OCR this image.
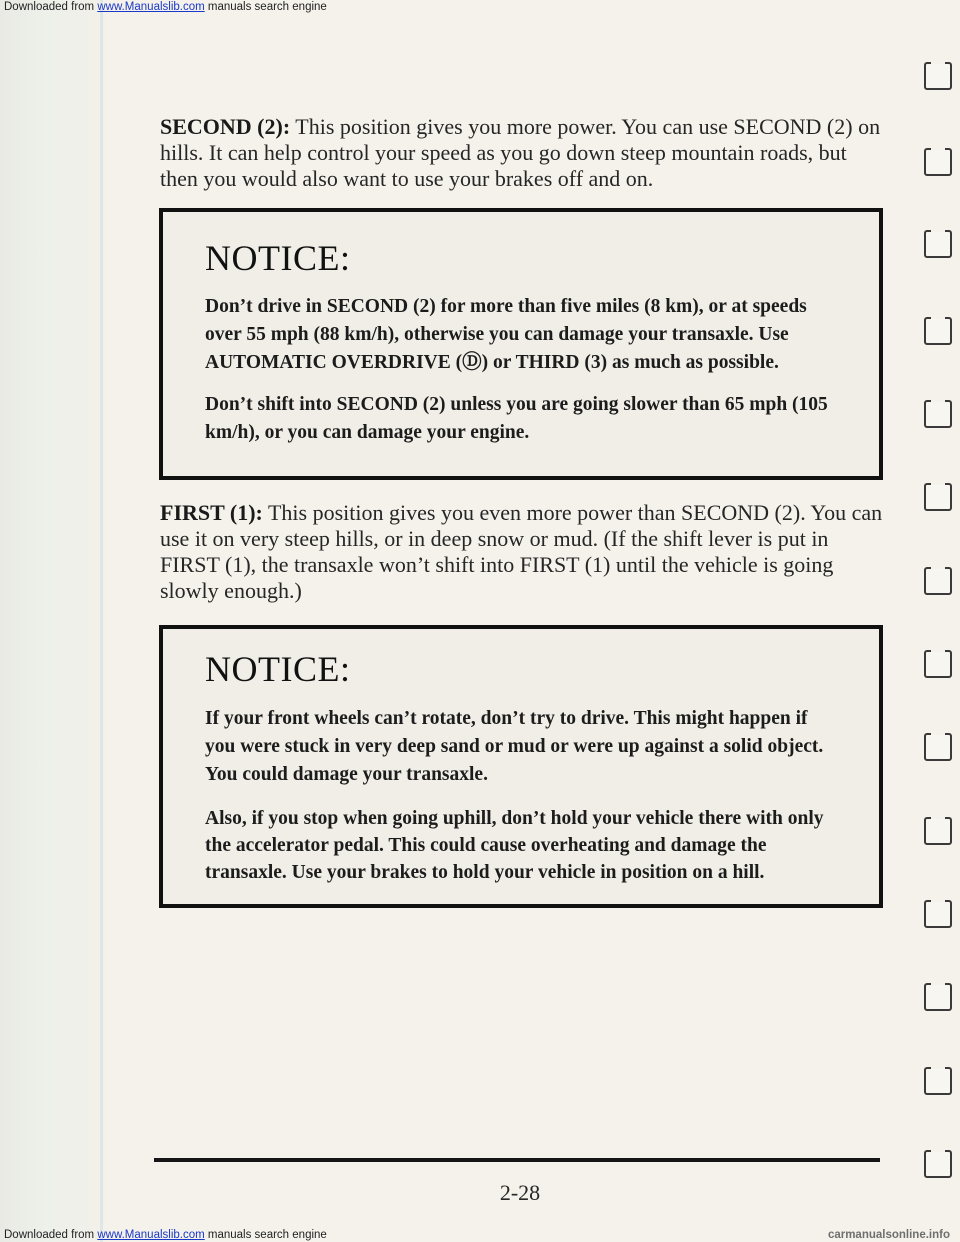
Downloaded from www.Manualslib.com manuals search engine
SECOND (2): This position gives you more power. You can use SECOND (2) on hills. It can help control your speed as you go down steep mountain roads, but then you would also want to use your brakes off and on.
NOTICE:

Don’t drive in SECOND (2) for more than five miles (8 km), or at speeds over 55 mph (88 km/h), otherwise you can damage your transaxle. Use AUTOMATIC OVERDRIVE (Ⓓ) or THIRD (3) as much as possible.

Don’t shift into SECOND (2) unless you are going slower than 65 mph (105 km/h), or you can damage your engine.

FIRST (1): This position gives you even more power than SECOND (2). You can use it on very steep hills, or in deep snow or mud. (If the shift lever is put in FIRST (1), the transaxle won’t shift into FIRST (1) until the vehicle is going slowly enough.)
NOTICE:

If your front wheels can’t rotate, don’t try to drive. This might happen if you were stuck in very deep sand or mud or were up against a solid object. You could damage your transaxle.

Also, if you stop when going uphill, don’t hold your vehicle there with only the accelerator pedal. This could cause overheating and damage the transaxle. Use your brakes to hold your vehicle in position on a hill.

2-28
Downloaded from www.Manualslib.com manuals search engine	carmanualsonline.info
